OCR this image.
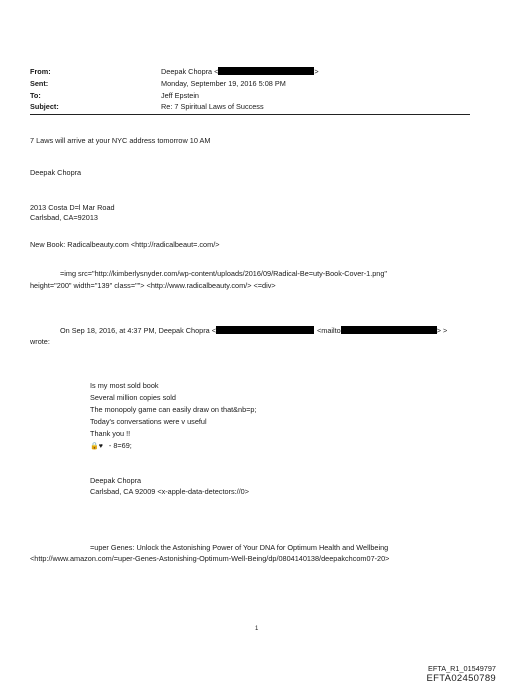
From:	Deepak Chopra <	>
Sent:	Monday, September 19, 2016 5:08 PM
To:	Jeff Epstein
Subject:	Re: 7 Spiritual Laws of Success
7 Laws will arrive at your NYC address tomorrow 10 AM
Deepak Chopra
2013 Costa D=l Mar Road
Carlsbad, CA=92013
New Book: Radicalbeauty.com <http://radicalbeaut=.com/>
=img src="http://kimberlysnyder.com/wp-content/uploads/2016/09/Radical-Be=uty-Book-Cover-1.png"
height="200" width="139" class=""> <http://www.radicalbeauty.com/> <=div>
On Sep 18, 2016, at 4:37 PM, Deepak Chopra <	<mailto	> >
wrote:
Is my most sold book
Several million copies sold
The monopoly game can easily draw on that&nb=p;
Today's conversations were v useful
Thank you !!
🔒♥ - 8=69;
Deepak Chopra
Carlsbad, CA 92009 <x-apple-data-detectors://0>
=uper Genes: Unlock the Astonishing Power of Your DNA for Optimum Health and Wellbeing
<http://www.amazon.com/=uper-Genes-Astonishing-Optimum-Well-Being/dp/0804140138/deepakchcom07-20>
1
EFTA_R1_01549797
EFTA02450789
